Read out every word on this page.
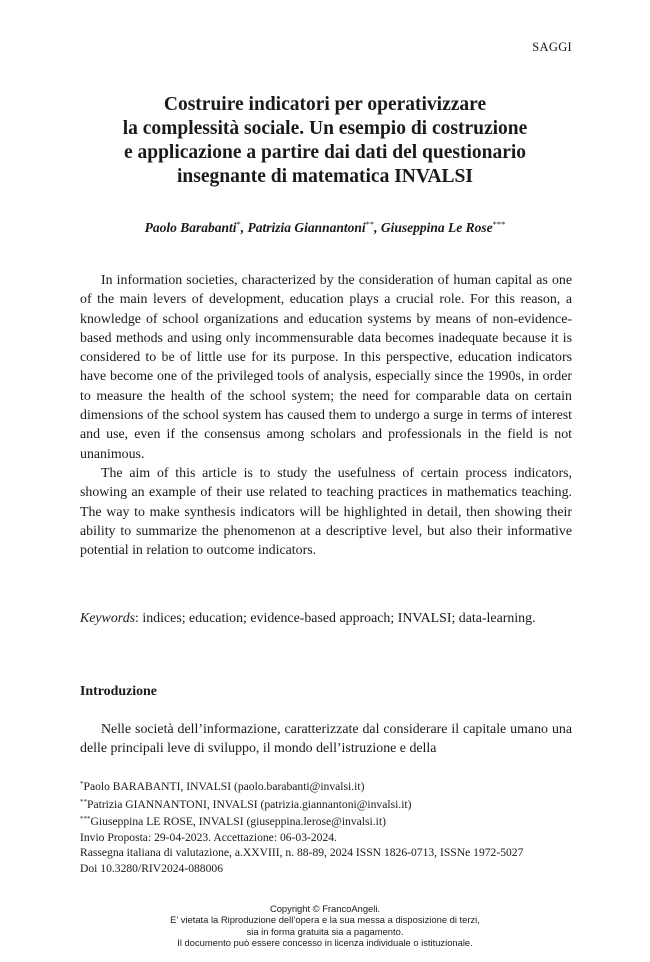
SAGGI
Costruire indicatori per operativizzare
la complessità sociale. Un esempio di costruzione
e applicazione a partire dai dati del questionario
insegnante di matematica INVALSI
Paolo Barabanti*, Patrizia Giannantoni**, Giuseppina Le Rose***

In information societies, characterized by the consideration of human capital as one of the main levers of development, education plays a crucial role. For this reason, a knowledge of school organizations and education systems by means of non-evidence-based methods and using only incommensurable data becomes inadequate because it is considered to be of little use for its purpose. In this perspective, education indicators have become one of the privileged tools of analysis, especially since the 1990s, in order to measure the health of the school system; the need for comparable data on certain dimensions of the school system has caused them to undergo a surge in terms of interest and use, even if the consensus among scholars and professionals in the field is not unanimous.

The aim of this article is to study the usefulness of certain process indicators, showing an example of their use related to teaching practices in mathematics teaching. The way to make synthesis indicators will be highlighted in detail, then showing their ability to summarize the phenomenon at a descriptive level, but also their informative potential in relation to outcome indicators.

Keywords: indices; education; evidence-based approach; INVALSI; data-learning.
Introduzione

Nelle società dell’informazione, caratterizzate dal considerare il capitale umano una delle principali leve di sviluppo, il mondo dell’istruzione e della

*Paolo BARABANTI, INVALSI (paolo.barabanti@invalsi.it)
**Patrizia GIANNANTONI, INVALSI (patrizia.giannantoni@invalsi.it)
***Giuseppina LE ROSE, INVALSI (giuseppina.lerose@invalsi.it)
Invio Proposta: 29-04-2023. Accettazione: 06-03-2024.
Rassegna italiana di valutazione, a.XXVIII, n. 88-89, 2024 ISSN 1826-0713, ISSNe 1972-5027
Doi 10.3280/RIV2024-088006
Copyright © FrancoAngeli.
E’ vietata la Riproduzione dell’opera e la sua messa a disposizione di terzi,
sia in forma gratuita sia a pagamento.
Il documento può essere concesso in licenza individuale o istituzionale.
